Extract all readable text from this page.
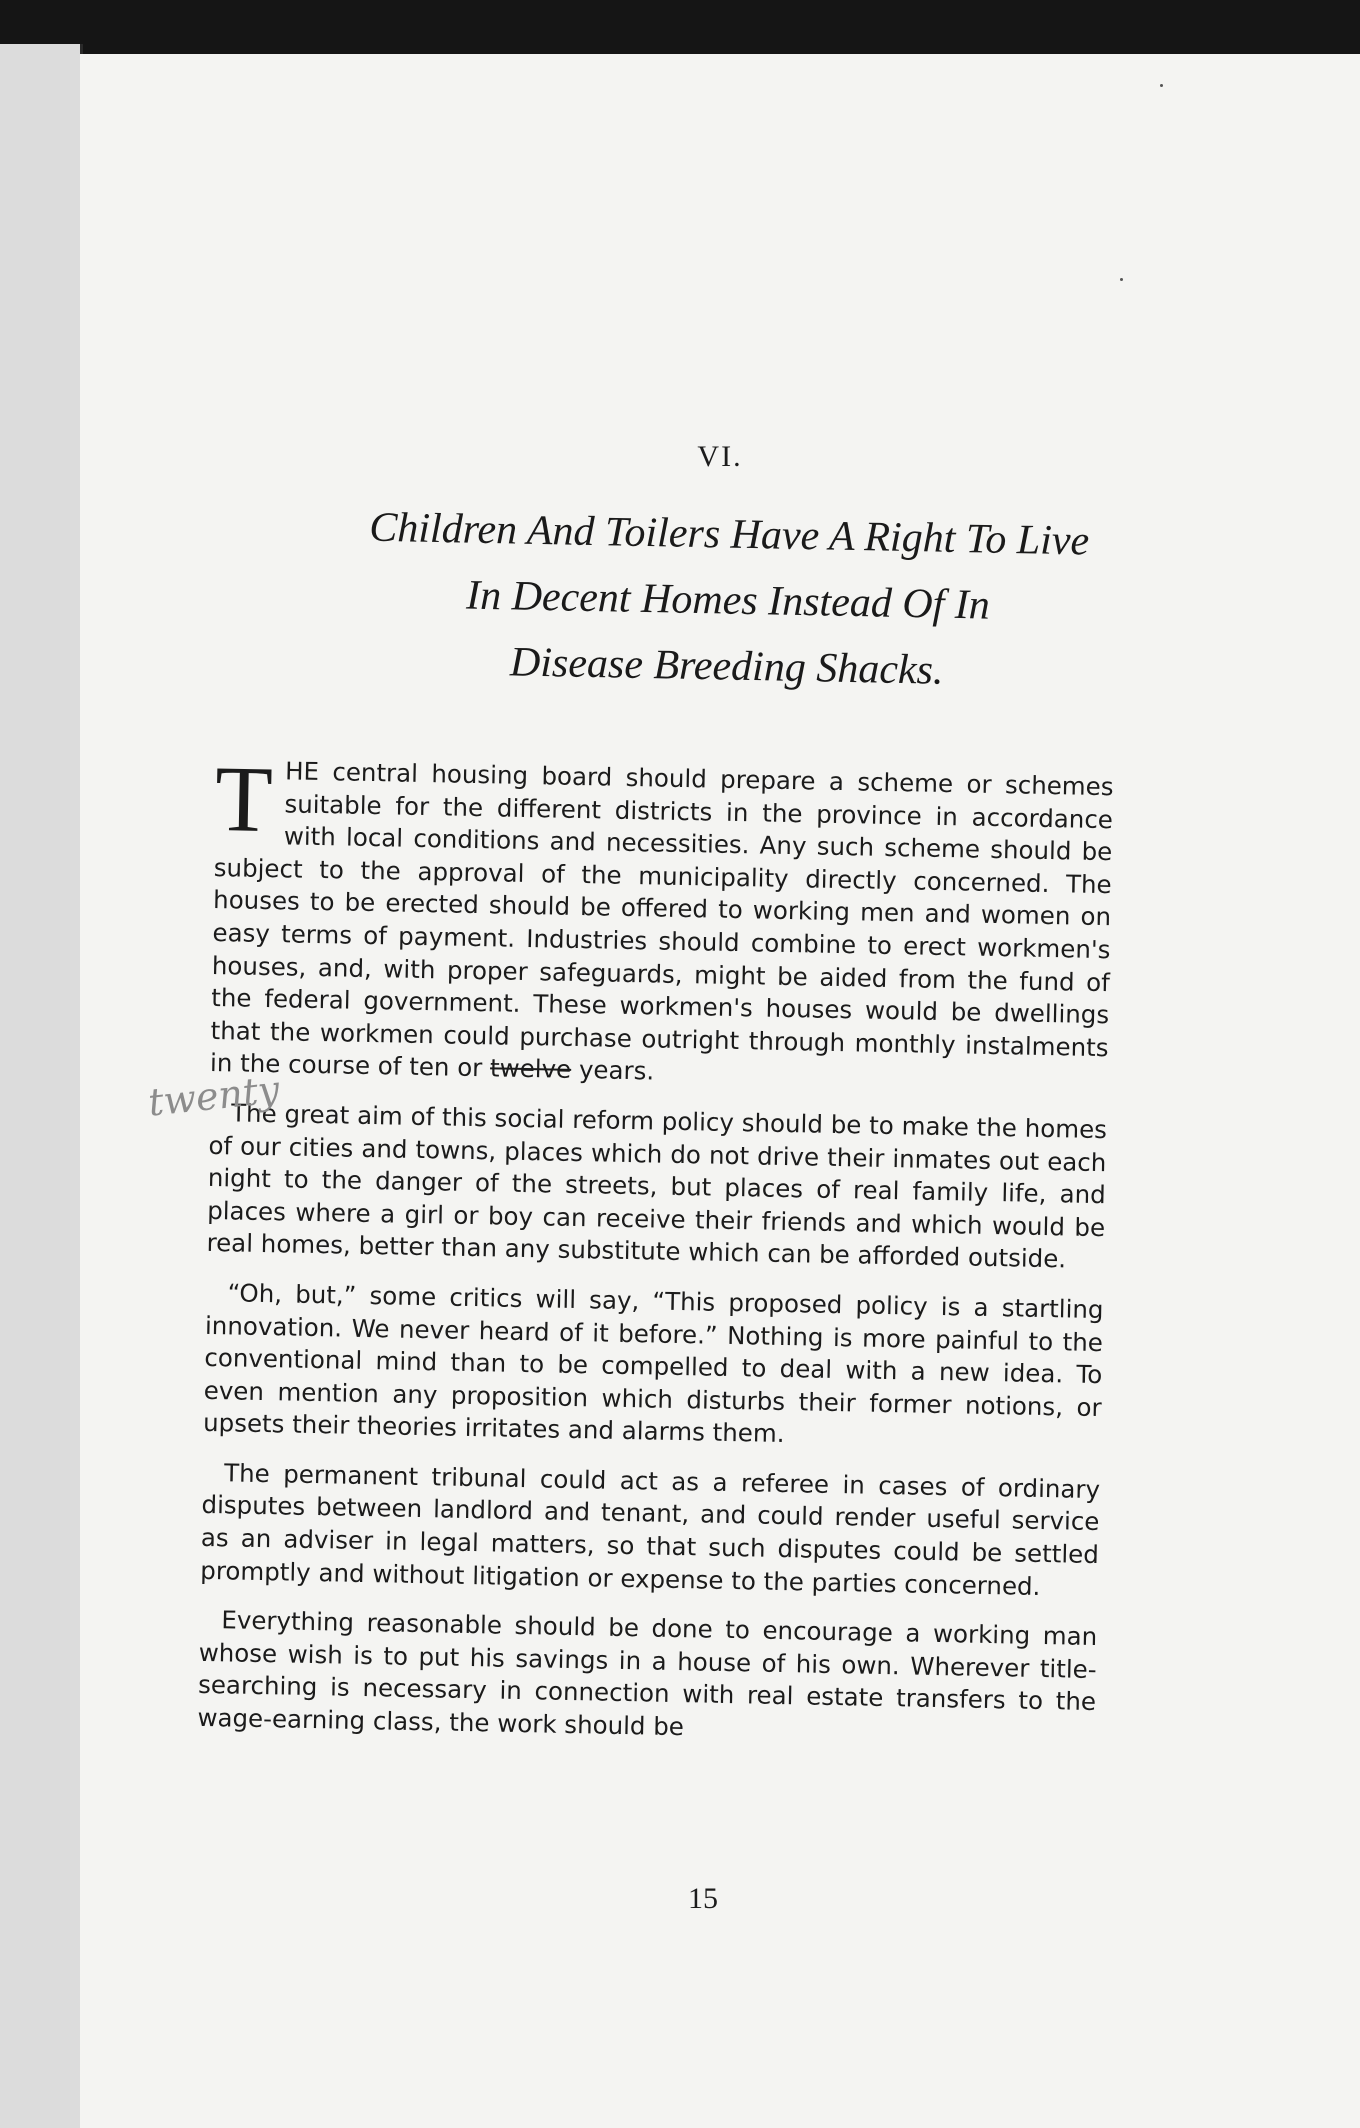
VI.
Children And Toilers Have A Right To Live
In Decent Homes Instead Of In
Disease Breeding Shacks.

THE central housing board should prepare a scheme or schemes suitable for the different districts in the province in accordance with local conditions and necessities. Any such scheme should be subject to the approval of the municipality directly concerned. The houses to be erected should be offered to working men and women on easy terms of payment. Industries should combine to erect workmen's houses, and, with proper safeguards, might be aided from the fund of the federal government. These workmen's houses would be dwellings that the workmen could purchase outright through monthly instalments in the course of ten or twelve years.

The great aim of this social reform policy should be to make the homes of our cities and towns, places which do not drive their inmates out each night to the danger of the streets, but places of real family life, and places where a girl or boy can receive their friends and which would be real homes, better than any substitute which can be afforded outside.

“Oh, but,” some critics will say, “This proposed policy is a startling innovation. We never heard of it before.” Nothing is more painful to the conventional mind than to be compelled to deal with a new idea. To even mention any proposition which disturbs their former notions, or upsets their theories irritates and alarms them.

The permanent tribunal could act as a referee in cases of ordinary disputes between landlord and tenant, and could render useful service as an adviser in legal matters, so that such disputes could be settled promptly and without litigation or expense to the parties concerned.

Everything reasonable should be done to encourage a working man whose wish is to put his savings in a house of his own. Wherever title-searching is necessary in connection with real estate transfers to the wage-earning class, the work should be

twenty
15
